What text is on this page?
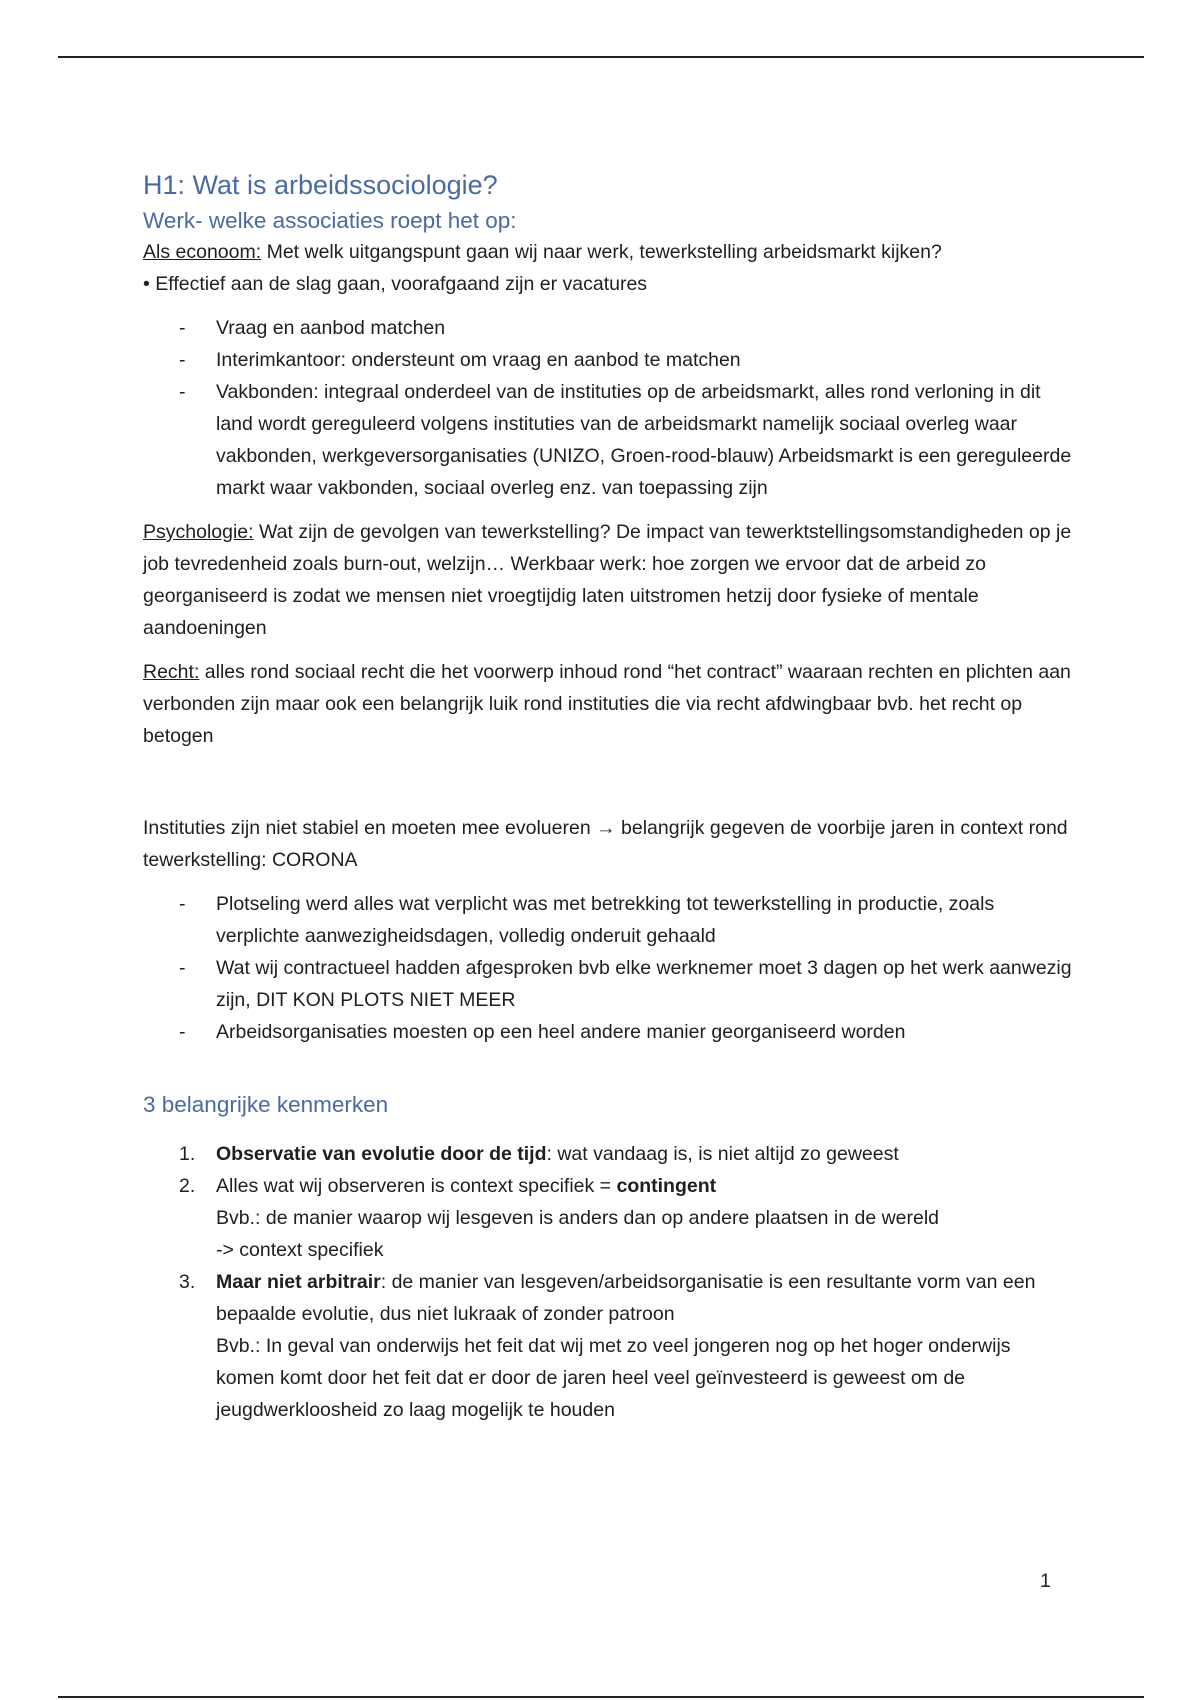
H1: Wat is arbeidssociologie?
Werk- welke associaties roept het op:

Als econoom: Met welk uitgangspunt gaan wij naar werk, tewerkstelling arbeidsmarkt kijken?

• Effectief aan de slag gaan, voorafgaand zijn er vacatures

- Vraag en aanbod matchen
- Interimkantoor: ondersteunt om vraag en aanbod te matchen
- Vakbonden: integraal onderdeel van de instituties op de arbeidsmarkt, alles rond verloning in dit land wordt gereguleerd volgens instituties van de arbeidsmarkt namelijk sociaal overleg waar vakbonden, werkgeversorganisaties (UNIZO, Groen-rood-blauw) Arbeidsmarkt is een gereguleerde markt waar vakbonden, sociaal overleg enz. van toepassing zijn

Psychologie: Wat zijn de gevolgen van tewerkstelling? De impact van tewerktstellingsomstandigheden op je job tevredenheid zoals burn-out, welzijn… Werkbaar werk: hoe zorgen we ervoor dat de arbeid zo georganiseerd is zodat we mensen niet vroegtijdig laten uitstromen hetzij door fysieke of mentale aandoeningen

Recht: alles rond sociaal recht die het voorwerp inhoud rond “het contract” waaraan rechten en plichten aan verbonden zijn maar ook een belangrijk luik rond instituties die via recht afdwingbaar bvb. het recht op betogen

Instituties zijn niet stabiel en moeten mee evolueren → belangrijk gegeven de voorbije jaren in context rond tewerkstelling: CORONA

- Plotseling werd alles wat verplicht was met betrekking tot tewerkstelling in productie, zoals verplichte aanwezigheidsdagen, volledig onderuit gehaald
- Wat wij contractueel hadden afgesproken bvb elke werknemer moet 3 dagen op het werk aanwezig zijn, DIT KON PLOTS NIET MEER
- Arbeidsorganisaties moesten op een heel andere manier georganiseerd worden
3 belangrijke kenmerken
1. Observatie van evolutie door de tijd: wat vandaag is, is niet altijd zo geweest
2. Alles wat wij observeren is context specifiek = contingent
Bvb.: de manier waarop wij lesgeven is anders dan op andere plaatsen in de wereld
-> context specifiek
3. Maar niet arbitrair: de manier van lesgeven/arbeidsorganisatie is een resultante vorm van een bepaalde evolutie, dus niet lukraak of zonder patroon
Bvb.: In geval van onderwijs het feit dat wij met zo veel jongeren nog op het hoger onderwijs komen komt door het feit dat er door de jaren heel veel geïnvesteerd is geweest om de jeugdwerkloosheid zo laag mogelijk te houden
1
